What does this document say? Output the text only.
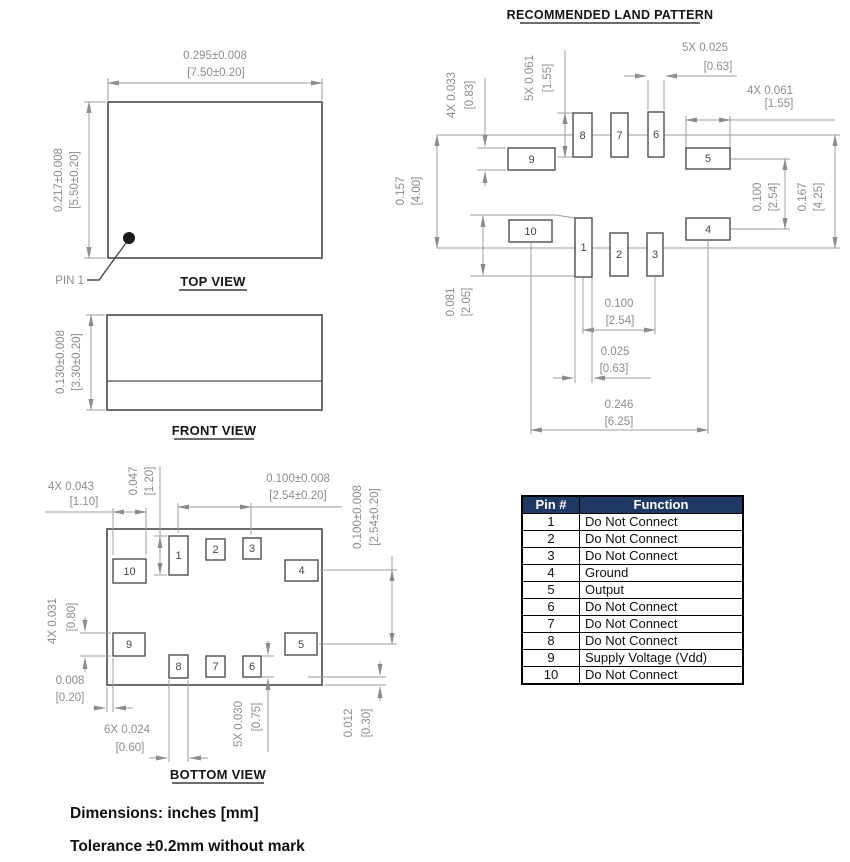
0.295±0.008
[7.50±0.20]
0.217±0.008 [5.50±0.20]
PIN 1	TOP VIEW
0.130±0.008 [3.30±0.20]
FRONT VIEW
1	2	3
10	4
9	5
8	7	6
4X 0.043
[1.10]
0.047 [1.20]	0.100±0.008
[2.54±0.20] 0.100±0.008 [2.54±0.20]
4X 0.031 [0.80]
0.008
[0.20]
6X 0.024
[0.60]
5X 0.030 [0.75]	0.012 [0.30]
BOTTOM VIEW
RECOMMENDED LAND PATTERN
8	7	6
9	5
10
1
2	3
4
4X 0.033 [0.83]	5X 0.061 [1.55]
5X 0.025
[0.63]
4X 0.061
[1.55]
0.157 [4.00]	0.100 [2.54] 0.167 [4.25]
0.081 [2.05]	0.100
[2.54]
0.025
[0.63]
0.246
[6.25]
Pin #	Function
1	Do Not Connect
2	Do Not Connect
3	Do Not Connect
4	Ground
5	Output
6	Do Not Connect
7	Do Not Connect
8	Do Not Connect
9	Supply Voltage (Vdd)
10	Do Not Connect
Dimensions: inches [mm]
Tolerance ±0.2mm without mark
